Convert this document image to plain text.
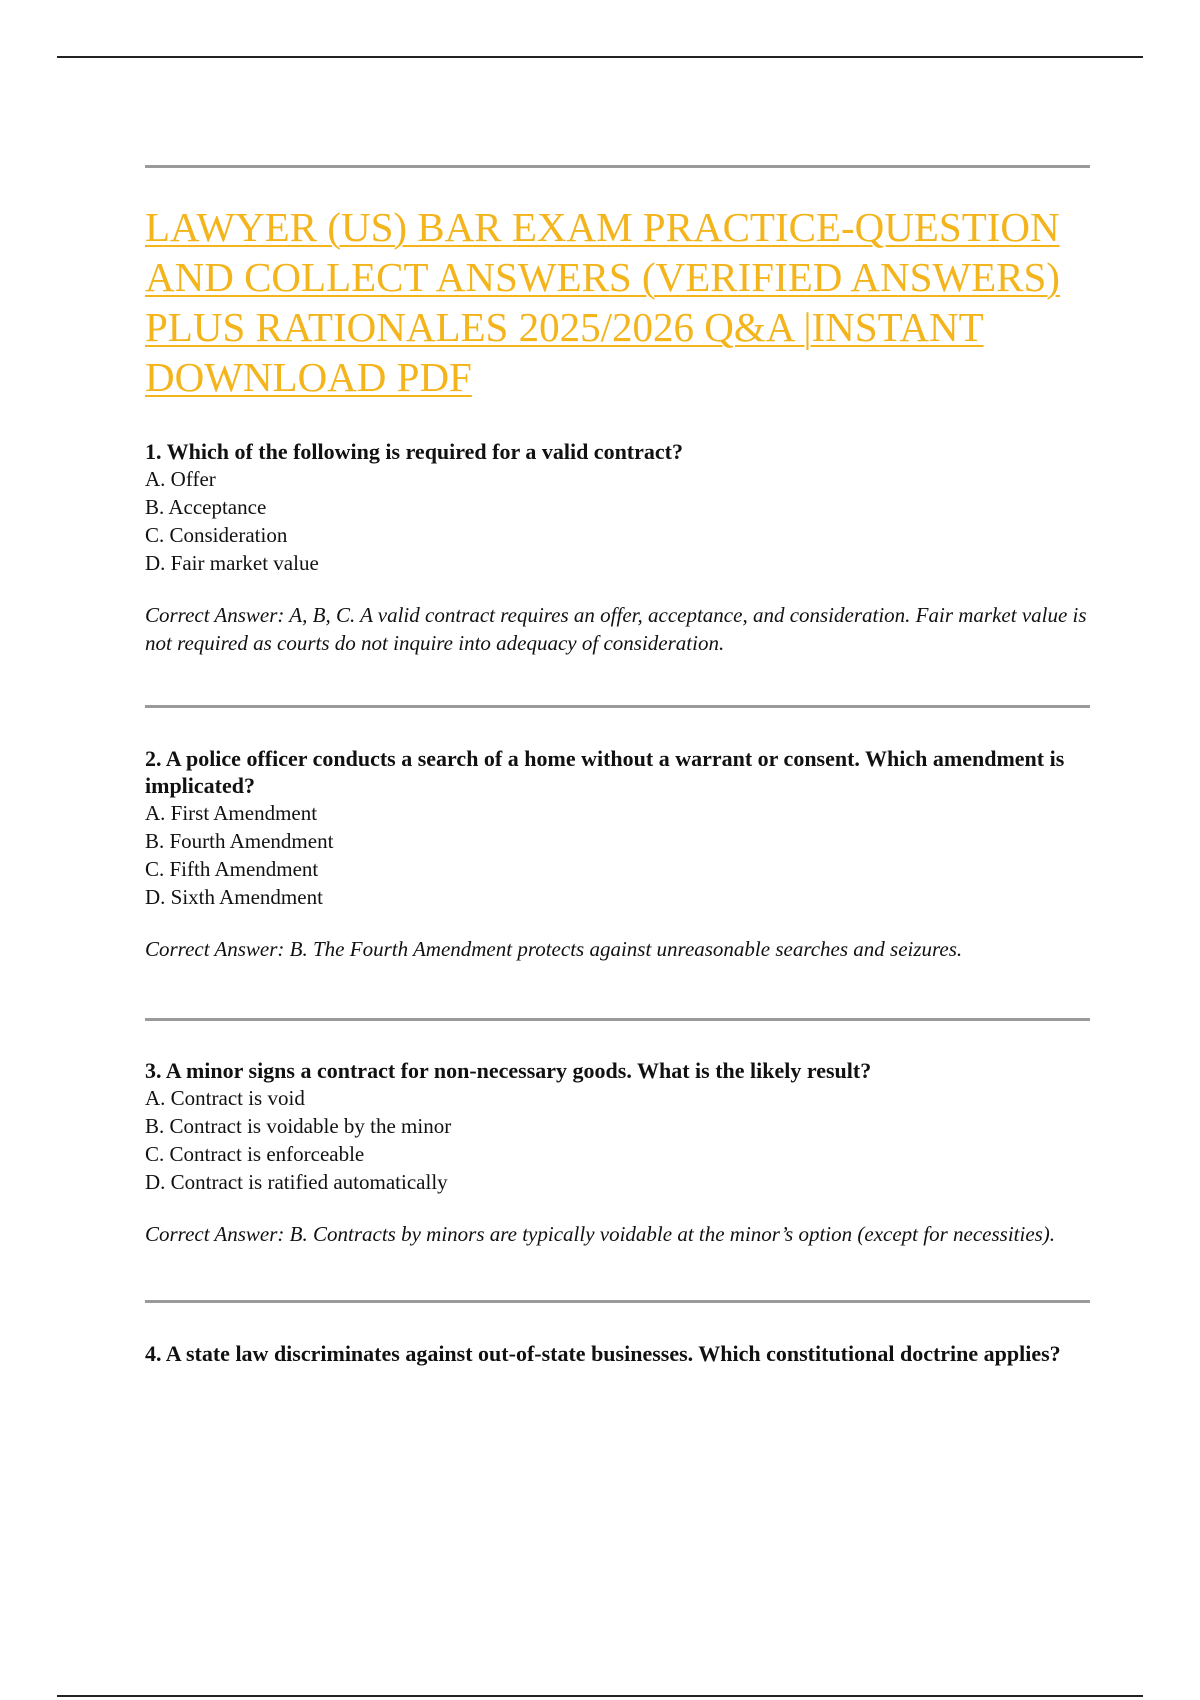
LAWYER (US) BAR EXAM PRACTICE-QUESTION AND COLLECT ANSWERS (VERIFIED ANSWERS) PLUS RATIONALES 2025/2026 Q&A |INSTANT DOWNLOAD PDF

1. Which of the following is required for a valid contract?

A. Offer
B. Acceptance
C. Consideration
D. Fair market value

Correct Answer: A, B, C. A valid contract requires an offer, acceptance, and consideration. Fair market value is not required as courts do not inquire into adequacy of consideration.

2. A police officer conducts a search of a home without a warrant or consent. Which amendment is implicated?

A. First Amendment
B. Fourth Amendment
C. Fifth Amendment
D. Sixth Amendment

Correct Answer: B. The Fourth Amendment protects against unreasonable searches and seizures.

3. A minor signs a contract for non-necessary goods. What is the likely result?

A. Contract is void
B. Contract is voidable by the minor
C. Contract is enforceable
D. Contract is ratified automatically

Correct Answer: B. Contracts by minors are typically voidable at the minor’s option (except for necessities).

4. A state law discriminates against out-of-state businesses. Which constitutional doctrine applies?
